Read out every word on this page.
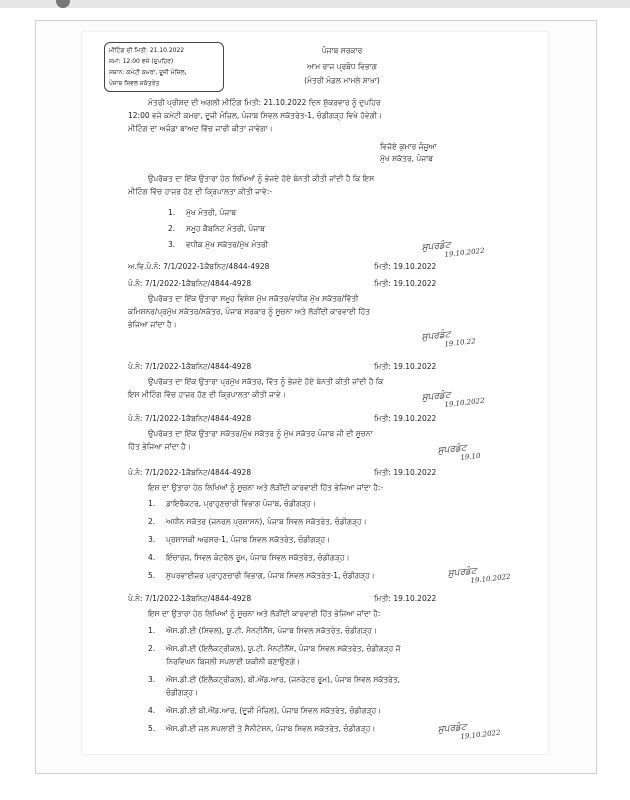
ਮੀਟਿੰਗ ਦੀ ਮਿਤੀ: 21.10.2022
ਸਮਾਂ: 12:00 ਵਜੇ (ਦੁਪਹਿਰ)
ਸਥਾਨ: ਕਮੇਟੀ ਕਮਰਾ, ਦੂਜੀ ਮੰਜ਼ਿਲ,
ਪੰਜਾਬ ਸਿਵਲ ਸਕੱਤਰੇਤ
ਪੰਜਾਬ ਸਰਕਾਰ
ਆਮ ਰਾਜ ਪ੍ਰਬੰਧ ਵਿਭਾਗ
(ਮੰਤਰੀ ਮੰਡਲ ਮਾਮਲੇ ਸ਼ਾਖਾ)
ਮੰਤਰੀ ਪ੍ਰੀਸ਼ਦ ਦੀ ਅਗਲੀ ਮੀਟਿੰਗ ਮਿਤੀ: 21.10.2022 ਦਿਨ ਸ਼ੁੱਕਰਵਾਰ ਨੂੰ ਦੁਪਹਿਰ
12:00 ਵਜੇ ਕਮੇਟੀ ਕਮਰਾ, ਦੂਜੀ ਮੰਜ਼ਿਲ, ਪੰਜਾਬ ਸਿਵਲ ਸਕੱਤਰੇਤ-1, ਚੰਡੀਗੜ੍ਹ ਵਿਖੇ ਹੋਵੇਗੀ।
ਮੀਟਿੰਗ ਦਾ ਅਜੰਡਾ ਬਾਅਦ ਵਿੱਚ ਜਾਰੀ ਕੀਤਾ ਜਾਵੇਗਾ।
ਵਿਜੋਏ ਕੁਮਾਰ ਜੰਜੂਆ
ਮੁੱਖ ਸਕੱਤਰ, ਪੰਜਾਬ
ਉਪਰੋਕਤ ਦਾ ਇੱਕ ਉਤਾਰਾ ਹੇਠ ਲਿਖਿਆਂ ਨੂੰ ਭੇਜਦੇ ਹੋਏ ਬੇਨਤੀ ਕੀਤੀ ਜਾਂਦੀ ਹੈ ਕਿ ਇਸ
ਮੀਟਿੰਗ ਵਿੱਚ ਹਾਜ਼ਰ ਹੋਣ ਦੀ ਕ੍ਰਿਪਾਲਤਾ ਕੀਤੀ ਜਾਵੇ:-
1. ਮੁੱਖ ਮੰਤਰੀ, ਪੰਜਾਬ
2. ਸਮੂਹ ਕੈਬਨਿਟ ਮੰਤਰੀ, ਪੰਜਾਬ
3. ਵਧੀਕ ਮੁੱਖ ਸਕੱਤਰ/ਮੁੱਖ ਮੰਤਰੀ	ਸੁਪਰਡੰਟ
19.10.2022
ਅ.ਵਿ.ਪੰ.ਨੰ: 7/1/2022-1ਕੈਬਨਿਟ/4844-4928	ਮਿਤੀ: 19.10.2022
ਪੰ.ਨੰ: 7/1/2022-1ਕੈਬਨਿਟ/4844-4928	ਮਿਤੀ: 19.10.2022
ਉਪਰੋਕਤ ਦਾ ਇੱਕ ਉਤਾਰਾ ਸਮੂਹ ਵਿਸ਼ੇਸ਼ ਮੁੱਖ ਸਕੱਤਰ/ਵਧੀਕ ਮੁੱਖ ਸਕੱਤਰ/ਵਿੱਤੀ
ਕਮਿਸ਼ਨਰ/ਪ੍ਰਮੁੱਖ ਸਕੱਤਰ/ਸਕੱਤਰ, ਪੰਜਾਬ ਸਰਕਾਰ ਨੂੰ ਸੂਚਨਾ ਅਤੇ ਲੋੜੀਂਦੀ ਕਾਰਵਾਈ ਹਿੱਤ
ਭੇਜਿਆ ਜਾਂਦਾ ਹੈ।
ਸੁਪਰਡੰਟ
19.10.22
ਪੰ.ਨੰ: 7/1/2022-1ਕੈਬਨਿਟ/4844-4928	ਮਿਤੀ: 19.10.2022
ਉਪਰੋਕਤ ਦਾ ਇੱਕ ਉਤਾਰਾ ਪ੍ਰਮੁੱਖ ਸਕੱਤਰ, ਵਿੱਤ ਨੂੰ ਭੇਜਦੇ ਹੋਏ ਬੇਨਤੀ ਕੀਤੀ ਜਾਂਦੀ ਹੈ ਕਿ
ਇਸ ਮੀਟਿੰਗ ਵਿੱਚ ਹਾਜ਼ਰ ਹੋਣ ਦੀ ਕ੍ਰਿਪਾਲਤਾ ਕੀਤੀ ਜਾਵੇ।	ਸੁਪਰਡੰਟ
19.10.2022
ਪੰ.ਨੰ: 7/1/2022-1ਕੈਬਨਿਟ/4844-4928	ਮਿਤੀ: 19.10.2022
ਉਪਰੋਕਤ ਦਾ ਇੱਕ ਉਤਾਰਾ ਸਕੱਤਰ/ਮੁੱਖ ਸਕੱਤਰ ਨੂੰ ਮੁੱਖ ਸਕੱਤਰ ਪੰਜਾਬ ਜੀ ਦੀ ਸੂਚਨਾ
ਹਿੱਤ ਭੇਜਿਆ ਜਾਂਦਾ ਹੈ।	ਸੁਪਰਡੰਟ
19.10
ਪੰ.ਨੰ: 7/1/2022-1ਕੈਬਨਿਟ/4844-4928	ਮਿਤੀ: 19.10.2022
ਇਸ ਦਾ ਉਤਾਰਾ ਹੇਠ ਲਿਖਿਆਂ ਨੂੰ ਸੂਚਨਾ ਅਤੇ ਲੋੜੀਂਦੀ ਕਾਰਵਾਈ ਹਿੱਤ ਭੇਜਿਆ ਜਾਂਦਾ ਹੈ:-
1. ਡਾਇਰੈਕਟਰ, ਪ੍ਰਾਹੁਣਚਾਰੀ ਵਿਭਾਗ ਪੰਜਾਬ, ਚੰਡੀਗੜ੍ਹ।
2. ਅਧੀਨ ਸਕੱਤਰ (ਜਨਰਲ ਪ੍ਰਸ਼ਾਸਨ), ਪੰਜਾਬ ਸਿਵਲ ਸਕੱਤਰੇਤ, ਚੰਡੀਗੜ੍ਹ।
3. ਪ੍ਰਸ਼ਾਸਕੀ ਅਫਸਰ-1, ਪੰਜਾਬ ਸਿਵਲ ਸਕੱਤਰੇਤ, ਚੰਡੀਗੜ੍ਹ।
4. ਇੰਚਾਰਜ, ਸਿਵਲ ਕੰਟਰੋਲ ਰੂਮ, ਪੰਜਾਬ ਸਿਵਲ ਸਕੱਤਰੇਤ, ਚੰਡੀਗੜ੍ਹ।
5. ਸੁਪਰਵਾਈਜ਼ਰ ਪ੍ਰਾਹੁਣਚਾਰੀ ਵਿਭਾਗ, ਪੰਜਾਬ ਸਿਵਲ ਸਕੱਤਰੇਤ-1, ਚੰਡੀਗੜ੍ਹ।	ਸੁਪਰਡੰਟ
19.10.2022
ਪੰ.ਨੰ: 7/1/2022-1ਕੈਬਨਿਟ/4844-4928	ਮਿਤੀ: 19.10.2022
ਇਸ ਦਾ ਉਤਾਰਾ ਹੇਠ ਲਿਖਿਆਂ ਨੂੰ ਸੂਚਨਾ ਅਤੇ ਲੋੜੀਂਦੀ ਕਾਰਵਾਈ ਹਿੱਤ ਭੇਜਿਆ ਜਾਂਦਾ ਹੈ:
1. ਐਸ.ਡੀ.ਈ (ਸਿਵਲ), ਯੂ.ਟੀ. ਮੈਨਟੀਨੈਂਸ, ਪੰਜਾਬ ਸਿਵਲ ਸਕੱਤਰੇਤ, ਚੰਡੀਗੜ੍ਹ।
2. ਐਸ.ਡੀ.ਈ (ਇਲੈਕਟ੍ਰੀਕਲ), ਯੂ.ਟੀ. ਮੈਨਟੀਨੈਂਸ, ਪੰਜਾਬ ਸਿਵਲ ਸਕੱਤਰੇਤ, ਚੰਡੀਗੜ੍ਹ ਜੋ
ਨਿਰਵਿਘਨ ਬਿਜਲੀ ਸਪਲਾਈ ਯਕੀਨੀ ਬਣਾਉਣਗੇ।
3. ਐਸ.ਡੀ.ਈ (ਇਲੈਕਟ੍ਰੀਕਲ), ਬੀ.ਐਂਡ.ਆਰ, (ਜਨਰੇਟਰ ਰੂਮ), ਪੰਜਾਬ ਸਿਵਲ ਸਕੱਤਰੇਤ,
ਚੰਡੀਗੜ੍ਹ।
4. ਐਸ.ਡੀ.ਈ ਬੀ.ਐਂਡ.ਆਰ, (ਦੂਜੀ ਮੰਜ਼ਿਲ), ਪੰਜਾਬ ਸਿਵਲ ਸਕੱਤਰੇਤ, ਚੰਡੀਗੜ੍ਹ।
5. ਐਸ.ਡੀ.ਈ ਜਲ ਸਪਲਾਈ ਤੇ ਸੈਨੀਟੇਸ਼ਨ, ਪੰਜਾਬ ਸਿਵਲ ਸਕੱਤਰੇਤ, ਚੰਡੀਗੜ੍ਹ।	ਸੁਪਰਡੰਟ
19.10.2022
